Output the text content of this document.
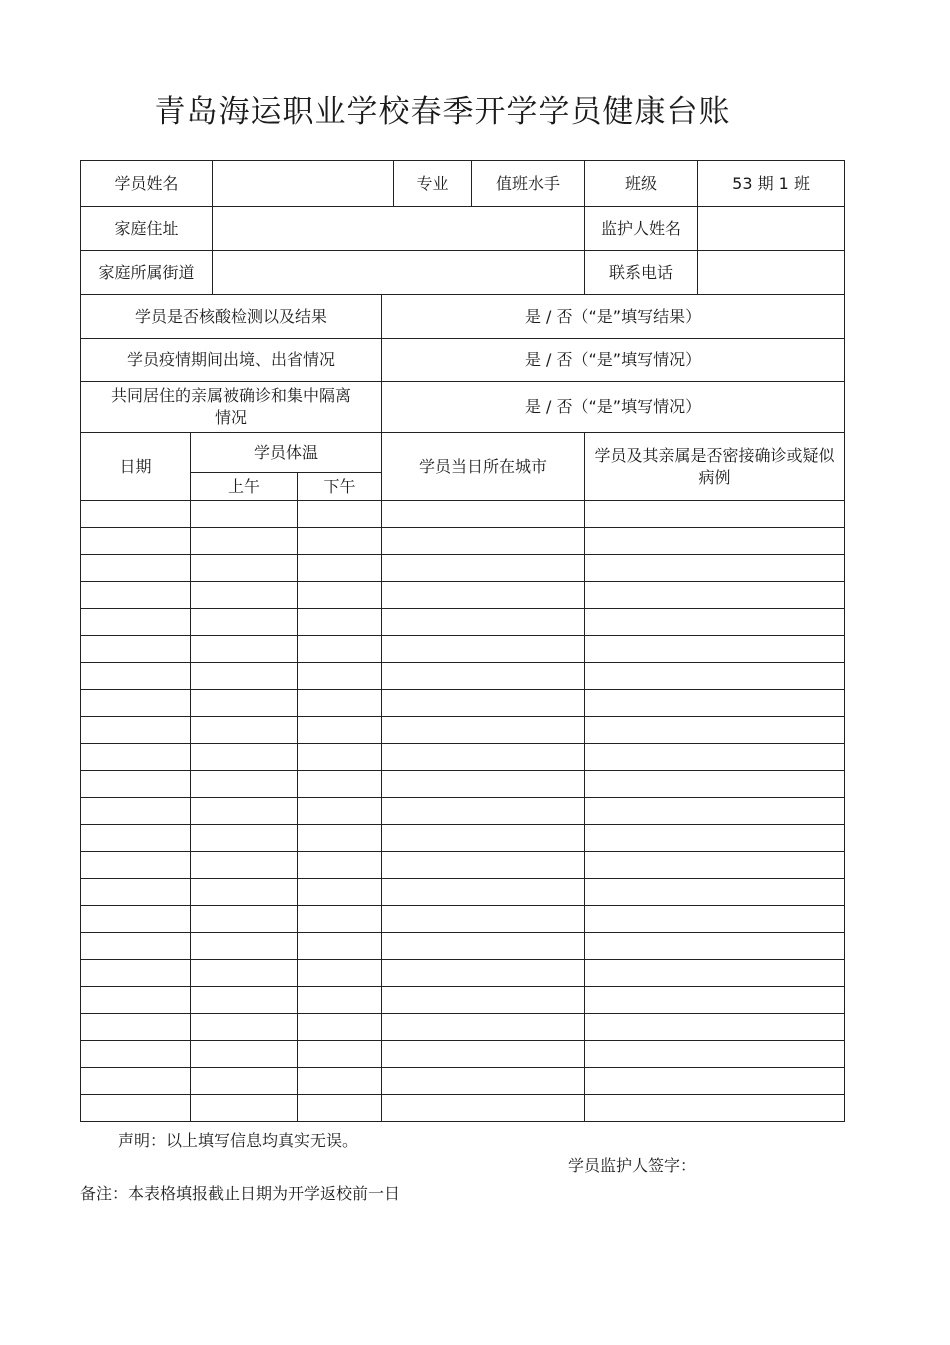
青岛海运职业学校春季开学学员健康台账
学员姓名					专业	值班水手	班级	53 期 1 班
家庭住址							监护人姓名	
家庭所属街道							联系电话	
学员是否核酸检测以及结果				是 / 否（“是”填写结果）				
学员疫情期间出境、出省情况				是 / 否（“是”填写情况）				
共同居住的亲属被确诊和集中隔离情况				是 / 否（“是”填写情况）				
日期	学员体温			学员当日所在城市			学员及其亲属是否密接确诊或疑似病例	
	上午		下午					

声明：以上填写信息均真实无误。
学员监护人签字：
备注：本表格填报截止日期为开学返校前一日
